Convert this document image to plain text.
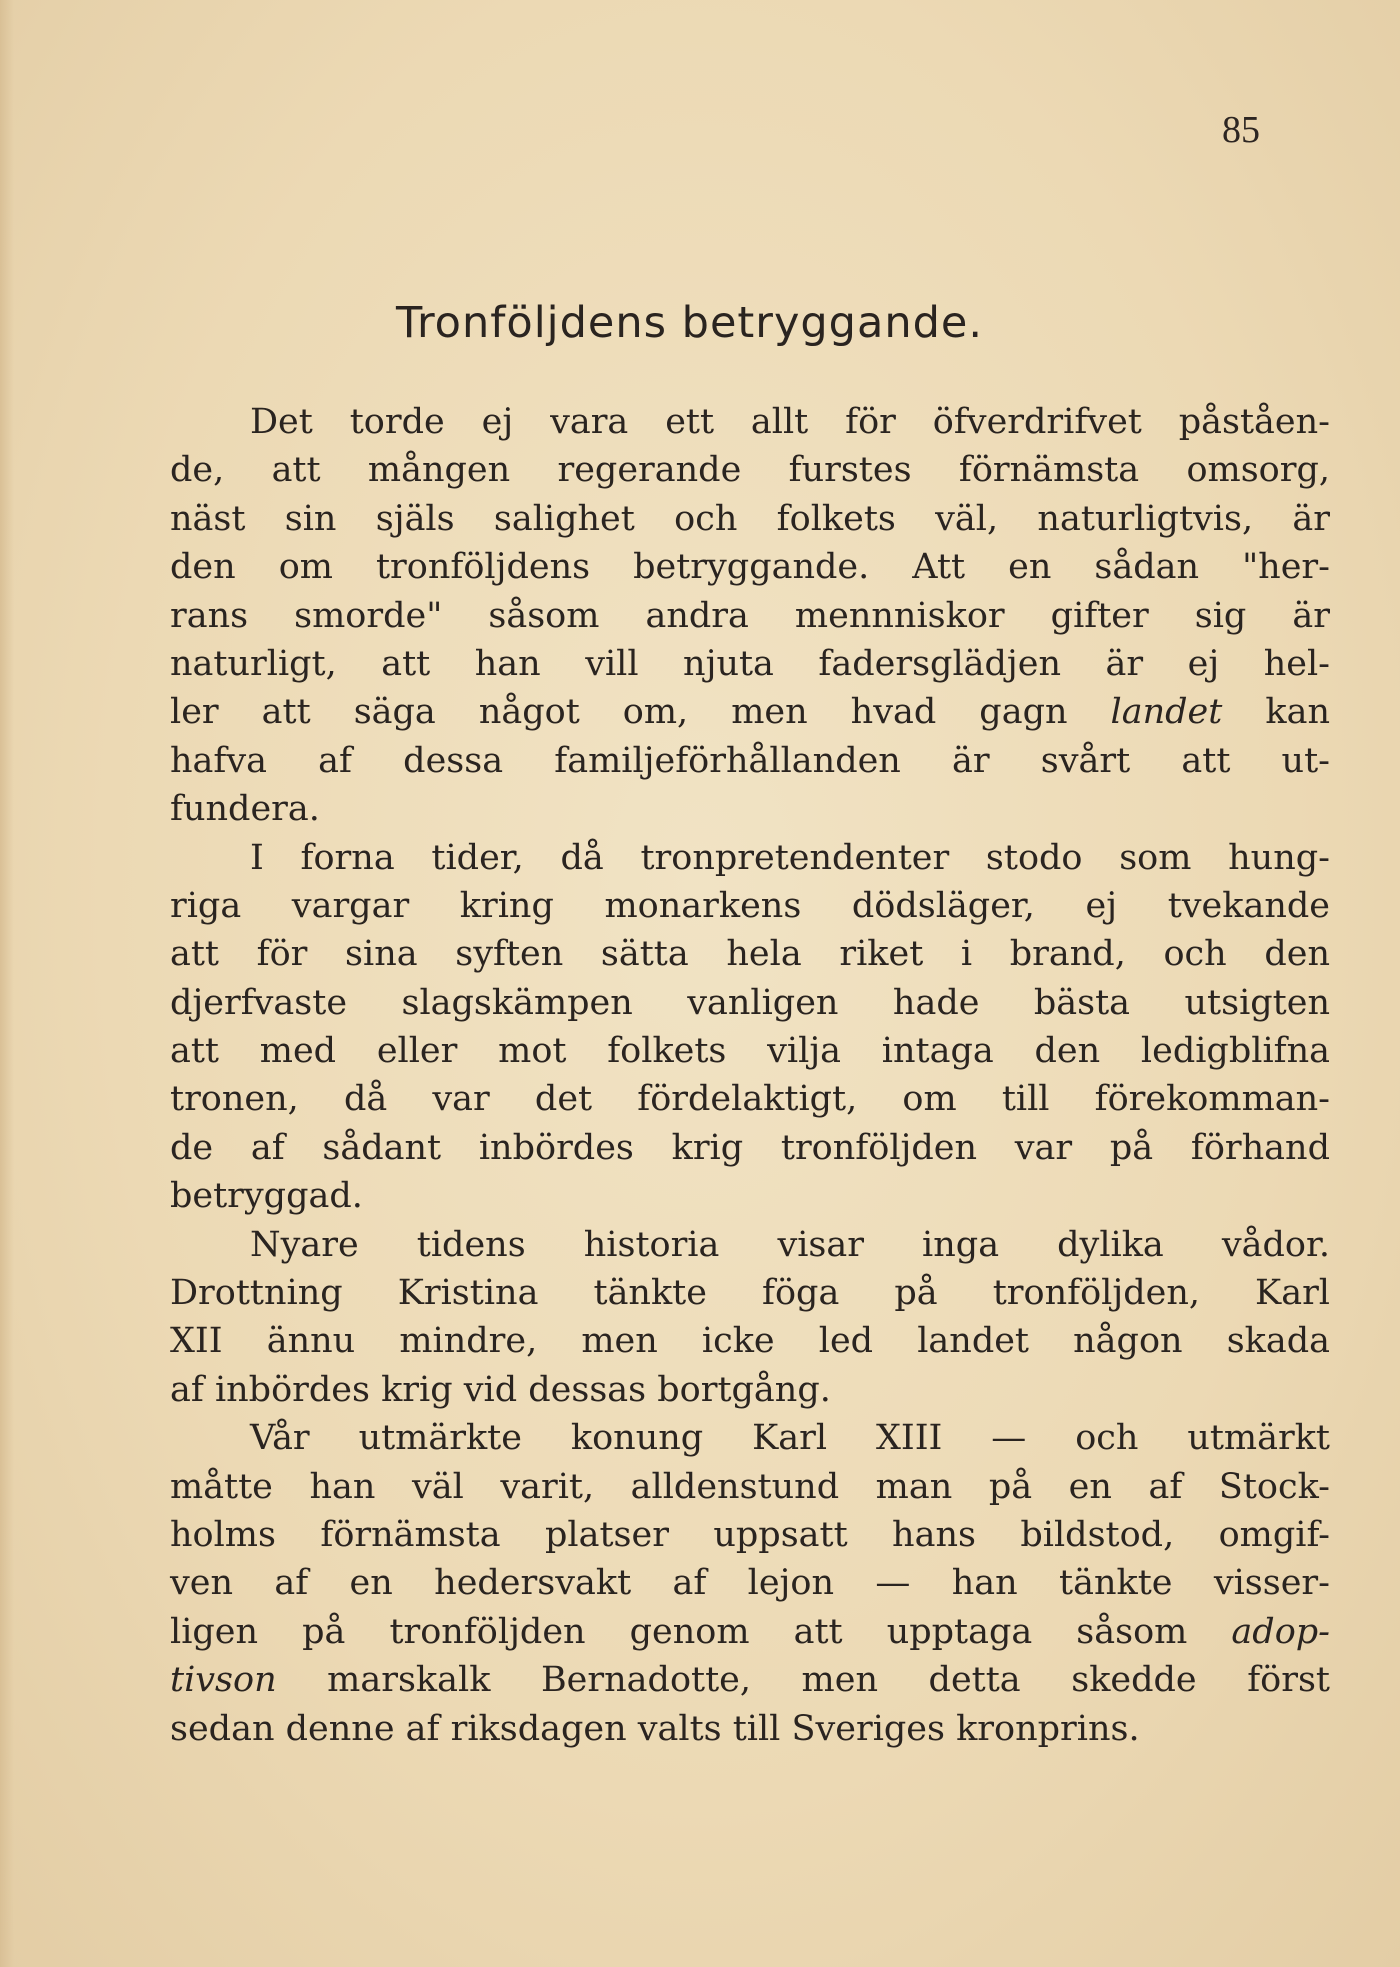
85
Tronföljdens betryggande.
Det torde ej vara ett allt för öfverdrifvet påståen-
de, att mången regerande furstes förnämsta omsorg,
näst sin själs salighet och folkets väl, naturligtvis, är
den om tronföljdens betryggande. Att en sådan "her-
rans smorde" såsom andra mennniskor gifter sig är
naturligt, att han vill njuta fadersglädjen är ej hel-
ler att säga något om, men hvad gagn landet kan
hafva af dessa familjeförhållanden är svårt att ut-
fundera.
I forna tider, då tronpretendenter stodo som hung-
riga vargar kring monarkens dödsläger, ej tvekande
att för sina syften sätta hela riket i brand, och den
djerfvaste slagskämpen vanligen hade bästa utsigten
att med eller mot folkets vilja intaga den ledigblifna
tronen, då var det fördelaktigt, om till förekomman-
de af sådant inbördes krig tronföljden var på förhand
betryggad.
Nyare tidens historia visar inga dylika vådor.
Drottning Kristina tänkte föga på tronföljden, Karl
XII ännu mindre, men icke led landet någon skada
af inbördes krig vid dessas bortgång.
Vår utmärkte konung Karl XIII — och utmärkt
måtte han väl varit, alldenstund man på en af Stock-
holms förnämsta platser uppsatt hans bildstod, omgif-
ven af en hedersvakt af lejon — han tänkte visser-
ligen på tronföljden genom att upptaga såsom adop-
tivson marskalk Bernadotte, men detta skedde först
sedan denne af riksdagen valts till Sveriges kronprins.
